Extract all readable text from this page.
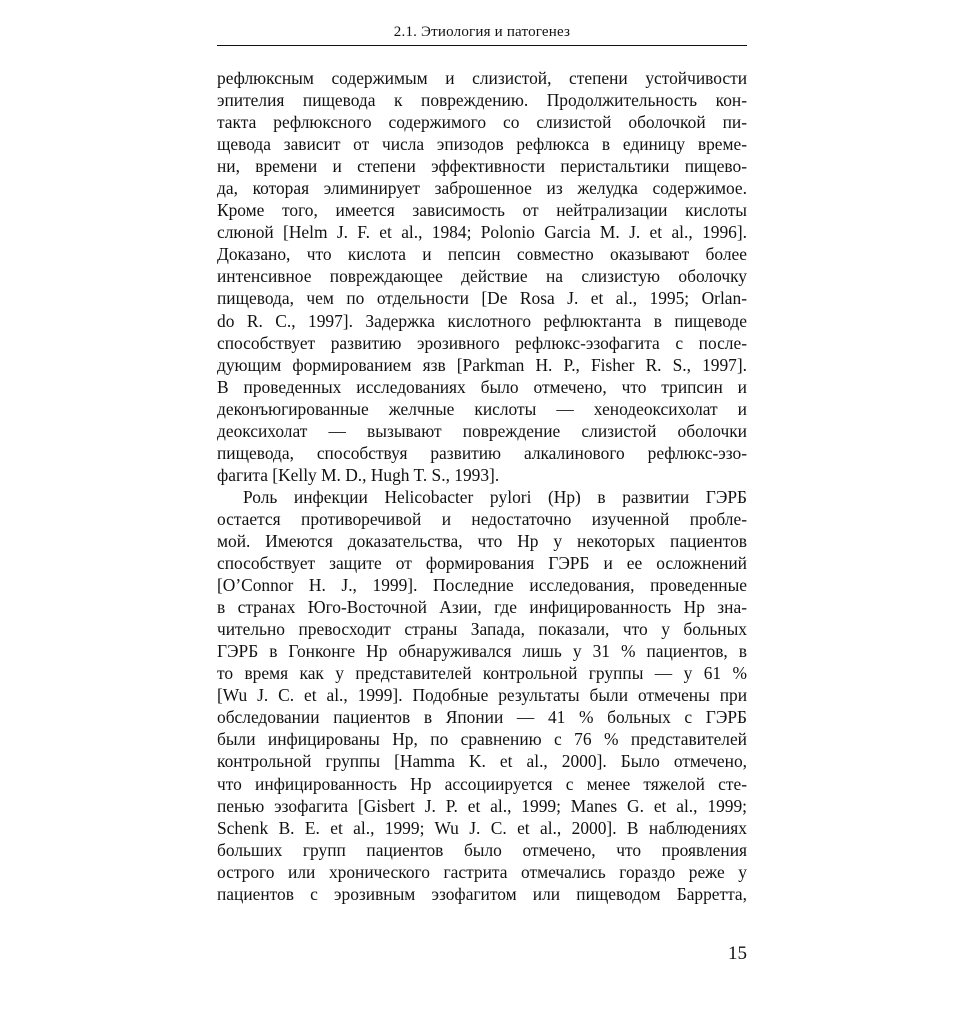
2.1. Этиология и патогенез
рефлюксным содержимым и слизистой, степени устойчивости
эпителия пищевода к повреждению. Продолжительность кон-
такта рефлюксного содержимого со слизистой оболочкой пи-
щевода зависит от числа эпизодов рефлюкса в единицу време-
ни, времени и степени эффективности перистальтики пищево-
да, которая элиминирует заброшенное из желудка содержимое.
Кроме того, имеется зависимость от нейтрализации кислоты
слюной [Helm J. F. et al., 1984; Polonio Garcia M. J. et al., 1996].
Доказано, что кислота и пепсин совместно оказывают более
интенсивное повреждающее действие на слизистую оболочку
пищевода, чем по отдельности [De Rosa J. et al., 1995; Orlan-
do R. C., 1997]. Задержка кислотного рефлюктанта в пищеводе
способствует развитию эрозивного рефлюкс-эзофагита с после-
дующим формированием язв [Parkman H. P., Fisher R. S., 1997].
В проведенных исследованиях было отмечено, что трипсин и
деконъюгированные желчные кислоты — хенодеоксихолат и
деоксихолат — вызывают повреждение слизистой оболочки
пищевода, способствуя развитию алкалинового рефлюкс-эзо-
фагита [Kelly M. D., Hugh T. S., 1993].
Роль инфекции Helicobacter pylori (Hp) в развитии ГЭРБ
остается противоречивой и недостаточно изученной пробле-
мой. Имеются доказательства, что Hp у некоторых пациентов
способствует защите от формирования ГЭРБ и ее осложнений
[O’Connor H. J., 1999]. Последние исследования, проведенные
в странах Юго-Восточной Азии, где инфицированность Hp зна-
чительно превосходит страны Запада, показали, что у больных
ГЭРБ в Гонконге Hp обнаруживался лишь у 31 % пациентов, в
то время как у представителей контрольной группы — у 61 %
[Wu J. C. et al., 1999]. Подобные результаты были отмечены при
обследовании пациентов в Японии — 41 % больных с ГЭРБ
были инфицированы Hp, по сравнению с 76 % представителей
контрольной группы [Hamma K. et al., 2000]. Было отмечено,
что инфицированность Hp ассоциируется с менее тяжелой сте-
пенью эзофагита [Gisbert J. P. et al., 1999; Manes G. et al., 1999;
Schenk B. E. et al., 1999; Wu J. C. et al., 2000]. В наблюдениях
больших групп пациентов было отмечено, что проявления
острого или хронического гастрита отмечались гораздо реже у
пациентов с эрозивным эзофагитом или пищеводом Барретта,
15
